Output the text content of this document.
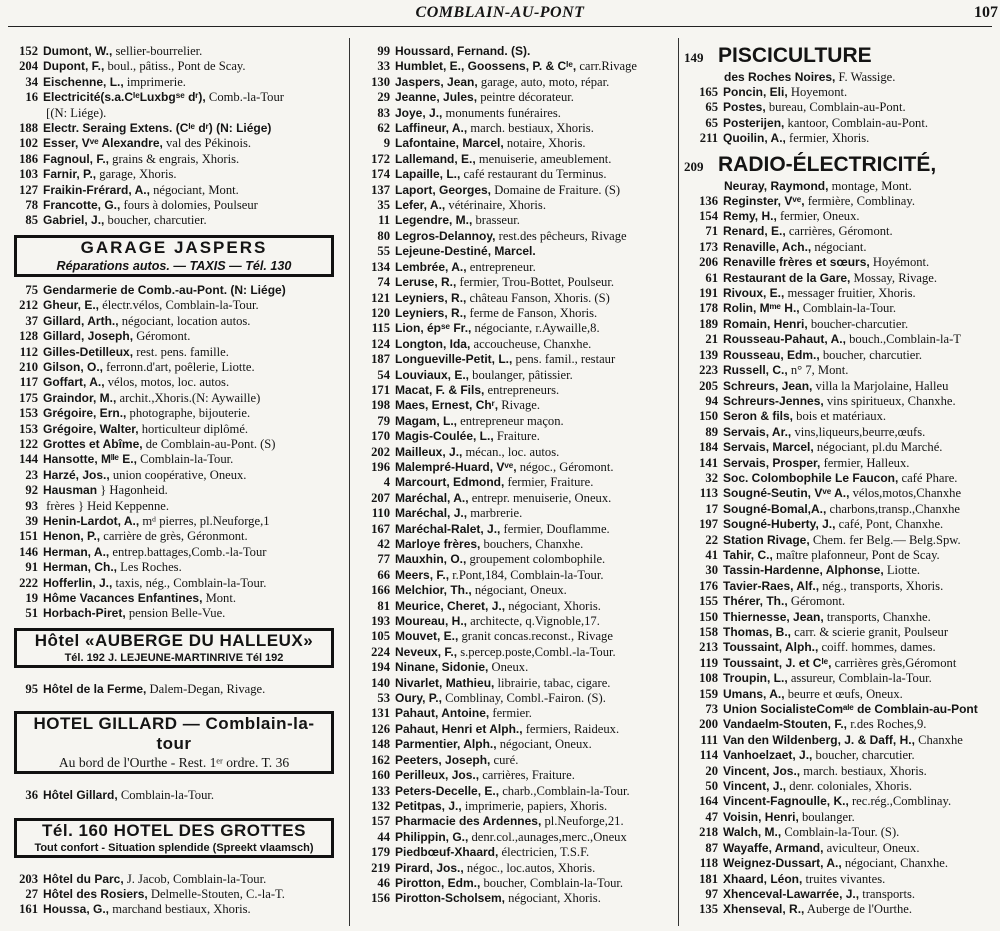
COMBLAIN-AU-PONT	107
152 Dumont, W., sellier-bourrelier.
204 Dupont, F., boul., pâtiss., Pont de Scay.
34 Eischenne, L., imprimerie.
16 Electricité(s.a.CᴵᵉLuxbgˢᵉ dʳ), Comb.-la-Tour
[(N: Liége).
188 Electr. Seraing Extens. (Cᴵᵉ dʳ) (N: Liége)
102 Esser, Vᵛᵉ Alexandre, val des Pékinois.
186 Fagnoul, F., grains & engrais, Xhoris.
103 Farnir, P., garage, Xhoris.
127 Fraikin-Frérard, A., négociant, Mont.
78 Francotte, G., fours à dolomies, Poulseur
85 Gabriel, J., boucher, charcutier.
GARAGE JASPERS
Réparations autos. — TAXIS — Tél. 130
75 Gendarmerie de Comb.-au-Pont. (N: Liége)
212 Gheur, E., électr.vélos, Comblain-la-Tour.
37 Gillard, Arth., négociant, location autos.
128 Gillard, Joseph, Géromont.
112 Gilles-Detilleux, rest. pens. famille.
210 Gilson, O., ferronn.d'art, poêlerie, Liotte.
117 Goffart, A., vélos, motos, loc. autos.
175 Graindor, M., archit.,Xhoris.(N: Aywaille)
153 Grégoire, Ern., photographe, bijouterie.
153 Grégoire, Walter, horticulteur diplômé.
122 Grottes et Abîme, de Comblain-au-Pont. (S)
144 Hansotte, Mˡˡᵉ E., Comblain-la-Tour.
23 Harzé, Jos., union coopérative, Oneux.
92 Hausman } Hagonheid.
93 frères } Heid Keppenne.
39 Henin-Lardot, A., mᵈ pierres, pl.Neuforge,1
151 Henon, P., carrière de grès, Géronmont.
146 Herman, A., entrep.battages,Comb.-la-Tour
91 Herman, Ch., Les Roches.
222 Hofferlin, J., taxis, nég., Comblain-la-Tour.
19 Hôme Vacances Enfantines, Mont.
51 Horbach-Piret, pension Belle-Vue.
Hôtel «AUBERGE DU HALLEUX»
Tél. 192 J. LEJEUNE-MARTINRIVE Tél 192
95 Hôtel de la Ferme, Dalem-Degan, Rivage.
HOTEL GILLARD — Comblain-la-tour
Au bord de l'Ourthe - Rest. 1ᵉʳ ordre. T. 36
36 Hôtel Gillard, Comblain-la-Tour.
Tél. 160 HOTEL DES GROTTES
Tout confort - Situation splendide (Spreekt vlaamsch)
203 Hôtel du Parc, J. Jacob, Comblain-la-Tour.
27 Hôtel des Rosiers, Delmelle-Stouten, C.-la-T.
161 Houssa, G., marchand bestiaux, Xhoris.
99 Houssard, Fernand. (S).
33 Humblet, E., Goossens, P. & Cᴵᵉ, carr.Rivage
130 Jaspers, Jean, garage, auto, moto, répar.
29 Jeanne, Jules, peintre décorateur.
83 Joye, J., monuments funéraires.
62 Laffineur, A., march. bestiaux, Xhoris.
9 Lafontaine, Marcel, notaire, Xhoris.
172 Lallemand, E., menuiserie, ameublement.
174 Lapaille, L., café restaurant du Terminus.
137 Laport, Georges, Domaine de Fraiture. (S)
35 Lefer, A., vétérinaire, Xhoris.
11 Legendre, M., brasseur.
80 Legros-Delannoy, rest.des pêcheurs, Rivage
55 Lejeune-Destiné, Marcel.
134 Lembrée, A., entrepreneur.
74 Leruse, R., fermier, Trou-Bottet, Poulseur.
121 Leyniers, R., château Fanson, Xhoris. (S)
120 Leyniers, R., ferme de Fanson, Xhoris.
115 Lion, épˢᵉ Fr., négociante, r.Aywaille,8.
124 Longton, Ida, accoucheuse, Chanxhe.
187 Longueville-Petit, L., pens. famil., restaur
54 Louviaux, E., boulanger, pâtissier.
171 Macat, F. & Fils, entrepreneurs.
198 Maes, Ernest, Chʳ, Rivage.
79 Magam, L., entrepreneur maçon.
170 Magis-Coulée, L., Fraiture.
202 Mailleux, J., mécan., loc. autos.
196 Malempré-Huard, Vᵛᵉ, négoc., Géromont.
4 Marcourt, Edmond, fermier, Fraiture.
207 Maréchal, A., entrepr. menuiserie, Oneux.
110 Maréchal, J., marbrerie.
167 Maréchal-Ralet, J., fermier, Douflamme.
42 Marloye frères, bouchers, Chanxhe.
77 Mauxhin, O., groupement colombophile.
66 Meers, F., r.Pont,184, Comblain-la-Tour.
166 Melchior, Th., négociant, Oneux.
81 Meurice, Cheret, J., négociant, Xhoris.
193 Moureau, H., architecte, q.Vignoble,17.
105 Mouvet, E., granit concas.reconst., Rivage
224 Neveux, F., s.percep.poste,Combl.-la-Tour.
194 Ninane, Sidonie, Oneux.
140 Nivarlet, Mathieu, librairie, tabac, cigare.
53 Oury, P., Comblinay, Combl.-Fairon. (S).
131 Pahaut, Antoine, fermier.
126 Pahaut, Henri et Alph., fermiers, Raideux.
148 Parmentier, Alph., négociant, Oneux.
162 Peeters, Joseph, curé.
160 Perilleux, Jos., carrières, Fraiture.
133 Peters-Decelle, E., charb.,Comblain-la-Tour.
132 Petitpas, J., imprimerie, papiers, Xhoris.
157 Pharmacie des Ardennes, pl.Neuforge,21.
44 Philippin, G., denr.col.,aunages,merc.,Oneux
179 Piedbœuf-Xhaard, électricien, T.S.F.
219 Pirard, Jos., négoc., loc.autos, Xhoris.
46 Pirotton, Edm., boucher, Comblain-la-Tour.
156 Pirotton-Scholsem, négociant, Xhoris.
149 PISCICULTURE
des Roches Noires, F. Wassige.
165 Poncin, Eli, Hoyemont.
65 Postes, bureau, Comblain-au-Pont.
65 Posterijen, kantoor, Comblain-au-Pont.
211 Quoilin, A., fermier, Xhoris.
209 RADIO-ÉLECTRICITÉ,
Neuray, Raymond, montage, Mont.
136 Reginster, Vᵛᵉ, fermière, Comblinay.
154 Remy, H., fermier, Oneux.
71 Renard, E., carrières, Géromont.
173 Renaville, Ach., négociant.
206 Renaville frères et sœurs, Hoyémont.
61 Restaurant de la Gare, Mossay, Rivage.
191 Rivoux, E., messager fruitier, Xhoris.
178 Rolin, Mᵐᵉ H., Comblain-la-Tour.
189 Romain, Henri, boucher-charcutier.
21 Rousseau-Pahaut, A., bouch.,Comblain-la-T
139 Rousseau, Edm., boucher, charcutier.
223 Russell, C., n° 7, Mont.
205 Schreurs, Jean, villa la Marjolaine, Halleu
94 Schreurs-Jennes, vins spiritueux, Chanxhe.
150 Seron & fils, bois et matériaux.
89 Servais, Ar., vins,liqueurs,beurre,œufs.
184 Servais, Marcel, négociant, pl.du Marché.
141 Servais, Prosper, fermier, Halleux.
32 Soc. Colombophile Le Faucon, café Phare.
113 Sougné-Seutin, Vᵛᵉ A., vélos,motos,Chanxhe
17 Sougné-Bomal,A., charbons,transp.,Chanxhe
197 Sougné-Huberty, J., café, Pont, Chanxhe.
22 Station Rivage, Chem. fer Belg.— Belg.Spw.
41 Tahir, C., maître plafonneur, Pont de Scay.
30 Tassin-Hardenne, Alphonse, Liotte.
176 Tavier-Raes, Alf., nég., transports, Xhoris.
155 Thérer, Th., Géromont.
150 Thiernesse, Jean, transports, Chanxhe.
158 Thomas, B., carr. & scierie granit, Poulseur
213 Toussaint, Alph., coiff. hommes, dames.
119 Toussaint, J. et Cᴵᵉ, carrières grès,Géromont
108 Troupin, L., assureur, Comblain-la-Tour.
159 Umans, A., beurre et œufs, Oneux.
73 Union SocialisteComᵃˡᵉ de Comblain-au-Pont
200 Vandaelm-Stouten, F., r.des Roches,9.
111 Van den Wildenberg, J. & Daff, H., Chanxhe
114 Vanhoelzaet, J., boucher, charcutier.
20 Vincent, Jos., march. bestiaux, Xhoris.
50 Vincent, J., denr. coloniales, Xhoris.
164 Vincent-Fagnoulle, K., rec.rég.,Comblinay.
47 Voisin, Henri, boulanger.
218 Walch, M., Comblain-la-Tour. (S).
87 Wayaffe, Armand, aviculteur, Oneux.
118 Weignez-Dussart, A., négociant, Chanxhe.
181 Xhaard, Léon, truites vivantes.
97 Xhenceval-Lawarrée, J., transports.
135 Xhenseval, R., Auberge de l'Ourthe.
